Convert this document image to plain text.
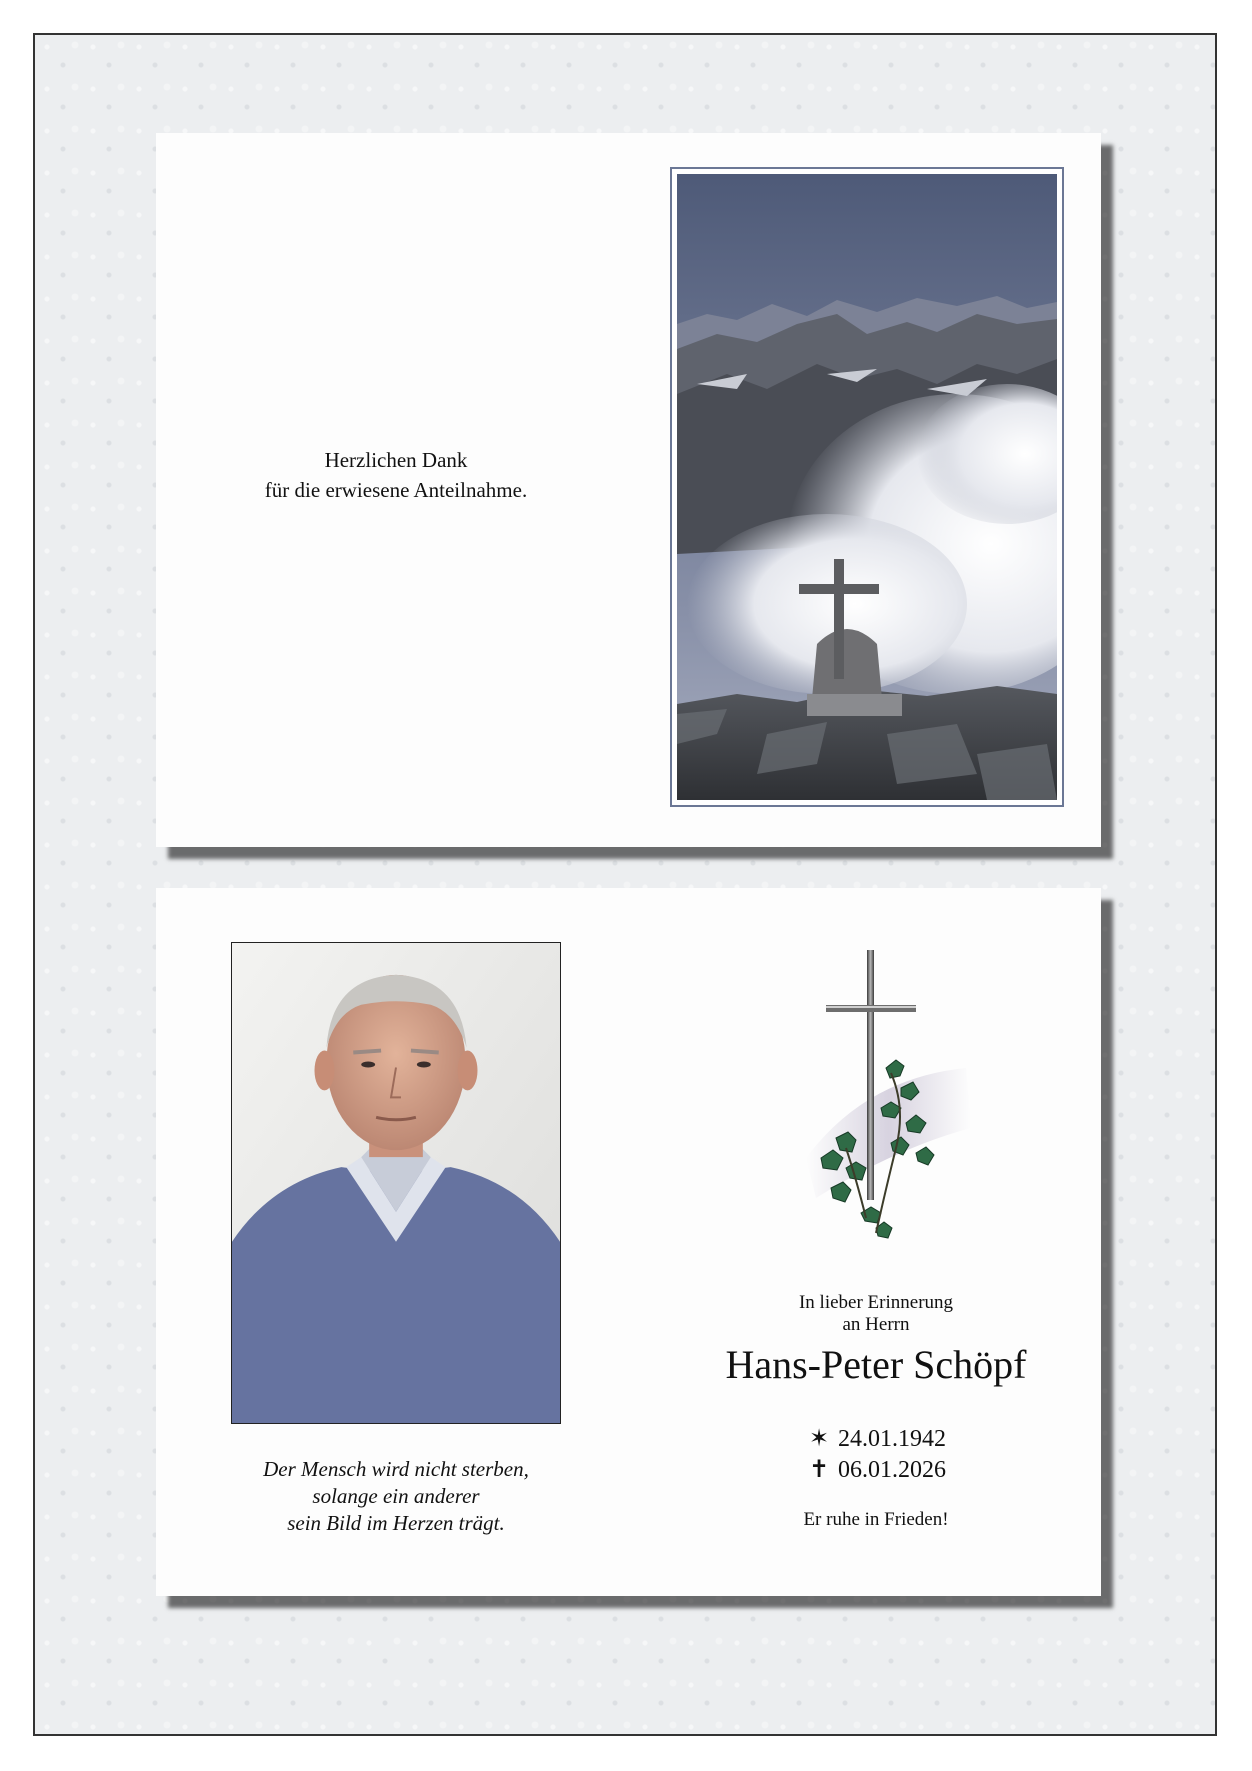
Herzlichen Dank
für die erwiesene Anteilnahme.
Der Mensch wird nicht sterben,
solange ein anderer
sein Bild im Herzen trägt.
In lieber Erinnerung
an Herrn
Hans-Peter Schöpf
✶ 24.01.1942
✝ 06.01.2026
Er ruhe in Frieden!
